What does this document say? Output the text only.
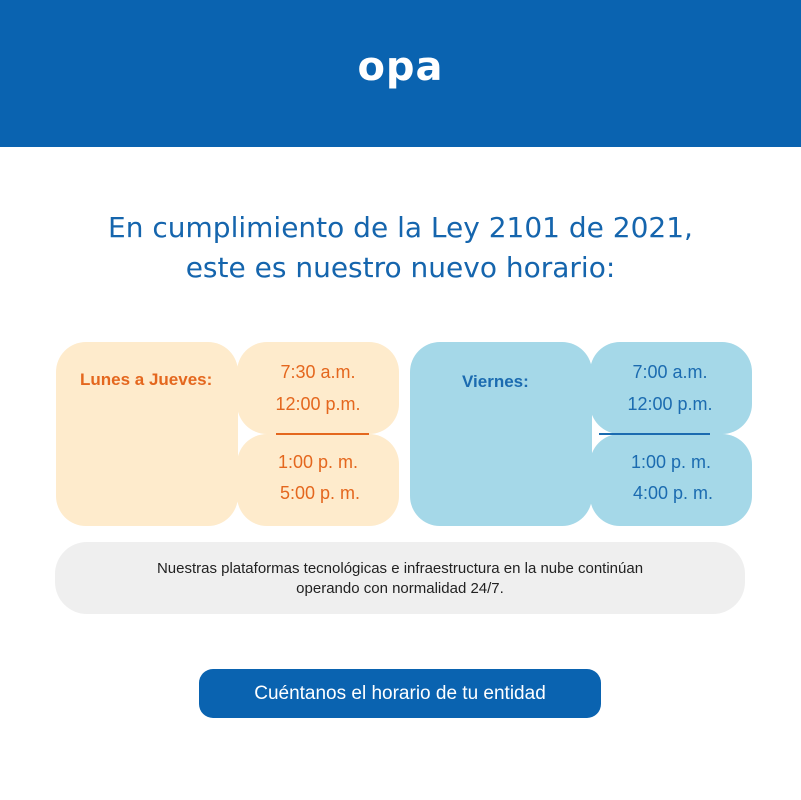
opa
En cumplimiento de la Ley 2101 de 2021,
este es nuestro nuevo horario:
Lunes a Jueves:	7:30 a.m.
12:00 p.m.
1:00 p. m.
5:00 p. m.
Viernes:	7:00 a.m.
12:00 p.m.
1:00 p. m.
4:00 p. m.
Nuestras plataformas tecnológicas e infraestructura en la nube continúan
operando con normalidad 24/7.
Cuéntanos el horario de tu entidad
